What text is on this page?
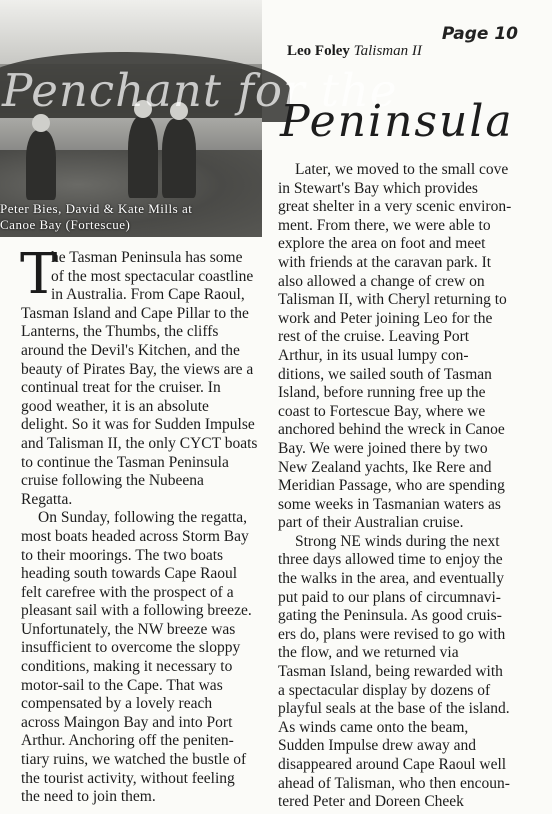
Penchant for the
Peter Bies, David & Kate Mills at
Canoe Bay (Fortescue)
Page 10
Leo Foley Talisman II
Peninsula
T
he Tasman Peninsula has some
of the most spectacular coastline
in Australia. From Cape Raoul,
Tasman Island and Cape Pillar to the
Lanterns, the Thumbs, the cliffs
around the Devil's Kitchen, and the
beauty of Pirates Bay, the views are a
continual treat for the cruiser. In
good weather, it is an absolute
delight. So it was for Sudden Impulse
and Talisman II, the only CYCT boats
to continue the Tasman Peninsula
cruise following the Nubeena
Regatta.
On Sunday, following the regatta,
most boats headed across Storm Bay
to their moorings. The two boats
heading south towards Cape Raoul
felt carefree with the prospect of a
pleasant sail with a following breeze.
Unfortunately, the NW breeze was
insufficient to overcome the sloppy
conditions, making it necessary to
motor-sail to the Cape. That was
compensated by a lovely reach
across Maingon Bay and into Port
Arthur. Anchoring off the peniten-
tiary ruins, we watched the bustle of
the tourist activity, without feeling
the need to join them.
Later, we moved to the small cove
in Stewart's Bay which provides
great shelter in a very scenic environ-
ment. From there, we were able to
explore the area on foot and meet
with friends at the caravan park. It
also allowed a change of crew on
Talisman II, with Cheryl returning to
work and Peter joining Leo for the
rest of the cruise. Leaving Port
Arthur, in its usual lumpy con-
ditions, we sailed south of Tasman
Island, before running free up the
coast to Fortescue Bay, where we
anchored behind the wreck in Canoe
Bay. We were joined there by two
New Zealand yachts, Ike Rere and
Meridian Passage, who are spending
some weeks in Tasmanian waters as
part of their Australian cruise.
Strong NE winds during the next
three days allowed time to enjoy the
the walks in the area, and eventually
put paid to our plans of circumnavi-
gating the Peninsula. As good cruis-
ers do, plans were revised to go with
the flow, and we returned via
Tasman Island, being rewarded with
a spectacular display by dozens of
playful seals at the base of the island.
As winds came onto the beam,
Sudden Impulse drew away and
disappeared around Cape Raoul well
ahead of Talisman, who then encoun-
tered Peter and Doreen Cheek
